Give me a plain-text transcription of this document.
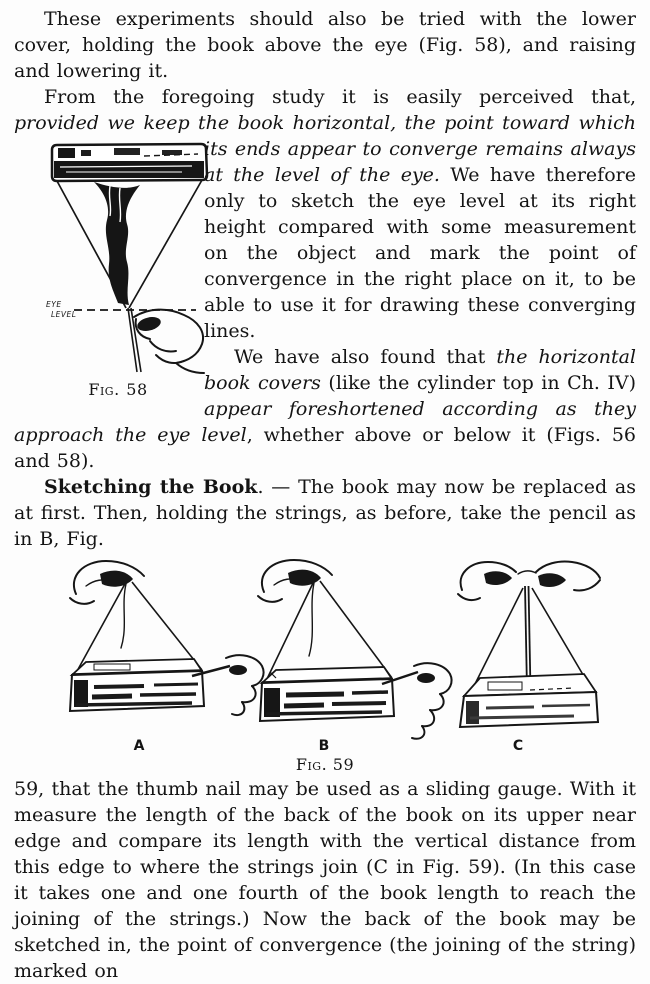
These experiments should also be tried with the lower cover, holding the book above the eye (Fig. 58), and raising and lowering it.

From the foregoing study it is easily perceived that, provided we keep the book horizontal, the point toward which its ends appear to
EYE
LEVEL
Fig. 58
converge remains always at the level of the eye. We have therefore only to sketch the eye level at its right height compared with some measurement on the object and mark the point of convergence in the right place on it, to be able to use it for drawing these converging lines.

We have also found that the horizontal book covers (like the cylinder top in Ch. IV) appear foreshortened according as they approach the eye level, whether above or below it (Figs. 56 and 58).

Sketching the Book. — The book may now be replaced as at first. Then, holding the strings, as before, take the pencil as in B, Fig.

A	B	C
Fig. 59

59, that the thumb nail may be used as a sliding gauge. With it measure the length of the back of the book on its upper near edge and compare its length with the vertical distance from this edge to where the strings join (C in Fig. 59). (In this case it takes one and one fourth of the book length to reach the joining of the strings.) Now the back of the book may be sketched in, the point of convergence (the joining of the string) marked on
